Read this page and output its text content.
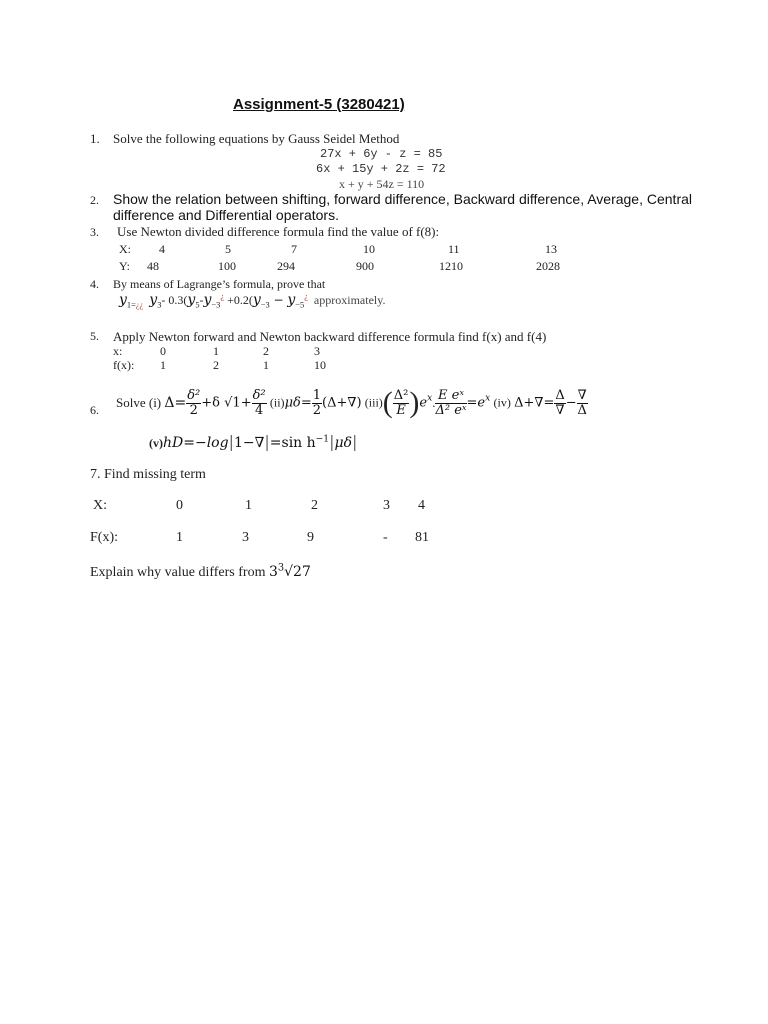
Assignment-5 (3280421)
1. Solve the following equations by Gauss Seidel Method
27x + 6y - z = 85
6x + 15y + 2z = 72
x + y + 54z = 110
2. Show the relation between shifting, forward difference, Backward difference, Average, Central
difference and Differential operators.
3. Use Newton divided difference formula find the value of f(8):
X: 4	5	7	10	11	13
Y: 48	100	294	900	1210	2028
4. By means of Lagrange’s formula, prove that
$y_{1=¿¿}$ $y_3-$ $0.3(y_5-y_{-3}^¿ +0.2(y_{-3} - y_{-5}^¿$ approximately.
5. Apply Newton forward and Newton backward difference formula find f(x) and f(4)
x:	0	1	2	3
f(x): 1	2	1	10
6. Solve (i) $\Delta= \frac{\text{δ²}}{2} +\delta$ $√1+ \frac{\text{δ²}}{4} (ii)\mu\delta= \frac{1}{2} (\Delta+\nabla)$ $(iii)( \frac{\text{Δ²}}{E} )e^x$. $\frac{\text{E eˣ}}{\text{Δ² eˣ}} =e^x$ (iv) $\Delta+\nabla= \frac{\Delta}{\nabla} - \frac{\nabla}{\Delta}$
(v)hD=−log|1−∇|=sin $h^{-1}|\mu\delta|$
7. Find missing term
X:	0	1	2	3 4
F(x):	1	3	9	- 81
Explain why value differs from $3^3√27$
